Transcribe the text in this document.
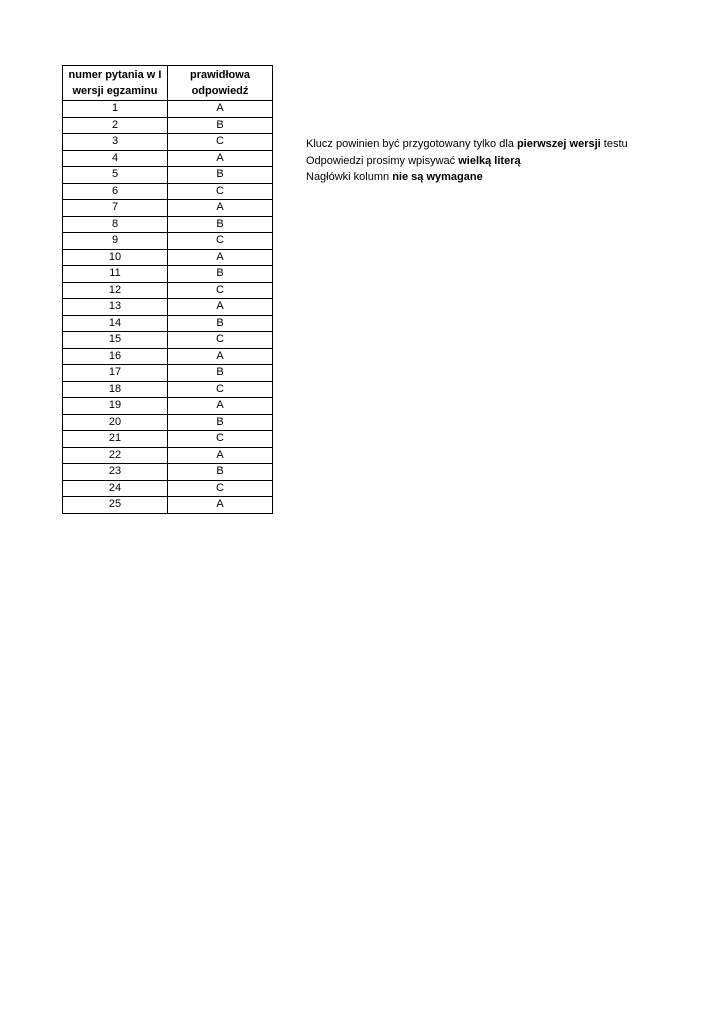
numer pytania w I wersji egzaminu	prawidłowa odpowiedź
1	A
2	B
3	C
4	A
5	B
6	C
7	A
8	B
9	C
10	A
11	B
12	C
13	A
14	B
15	C
16	A
17	B
18	C
19	A
20	B
21	C
22	A
23	B
24	C
25	A
Klucz powinien być przygotowany tylko dla pierwszej wersji testu
Odpowiedzi prosimy wpisywać wielką literą
Nagłówki kolumn nie są wymagane
